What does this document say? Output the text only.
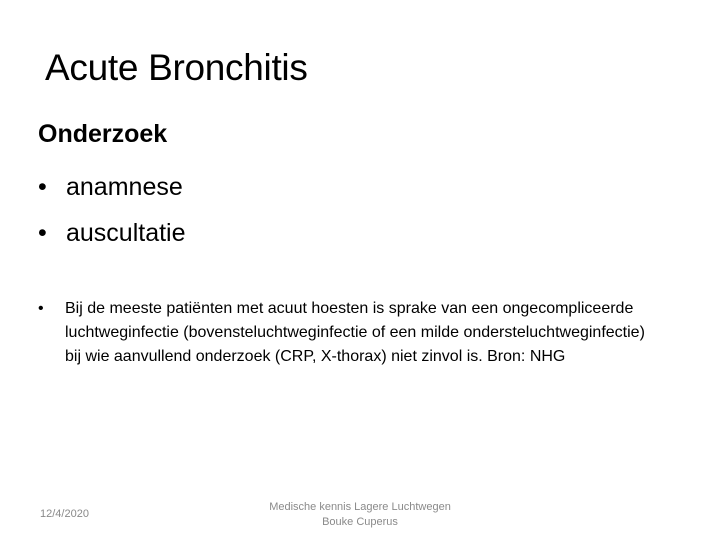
Acute Bronchitis
Onderzoek
• anamnese
• auscultatie
• Bij de meeste patiënten met acuut hoesten is sprake van een ongecompliceerde luchtweginfectie (bovensteluchtweginfectie of een milde ondersteluchtweginfectie) bij wie aanvullend onderzoek (CRP, X-thorax) niet zinvol is. Bron: NHG
12/4/2020
Medische kennis Lagere Luchtwegen
Bouke Cuperus
